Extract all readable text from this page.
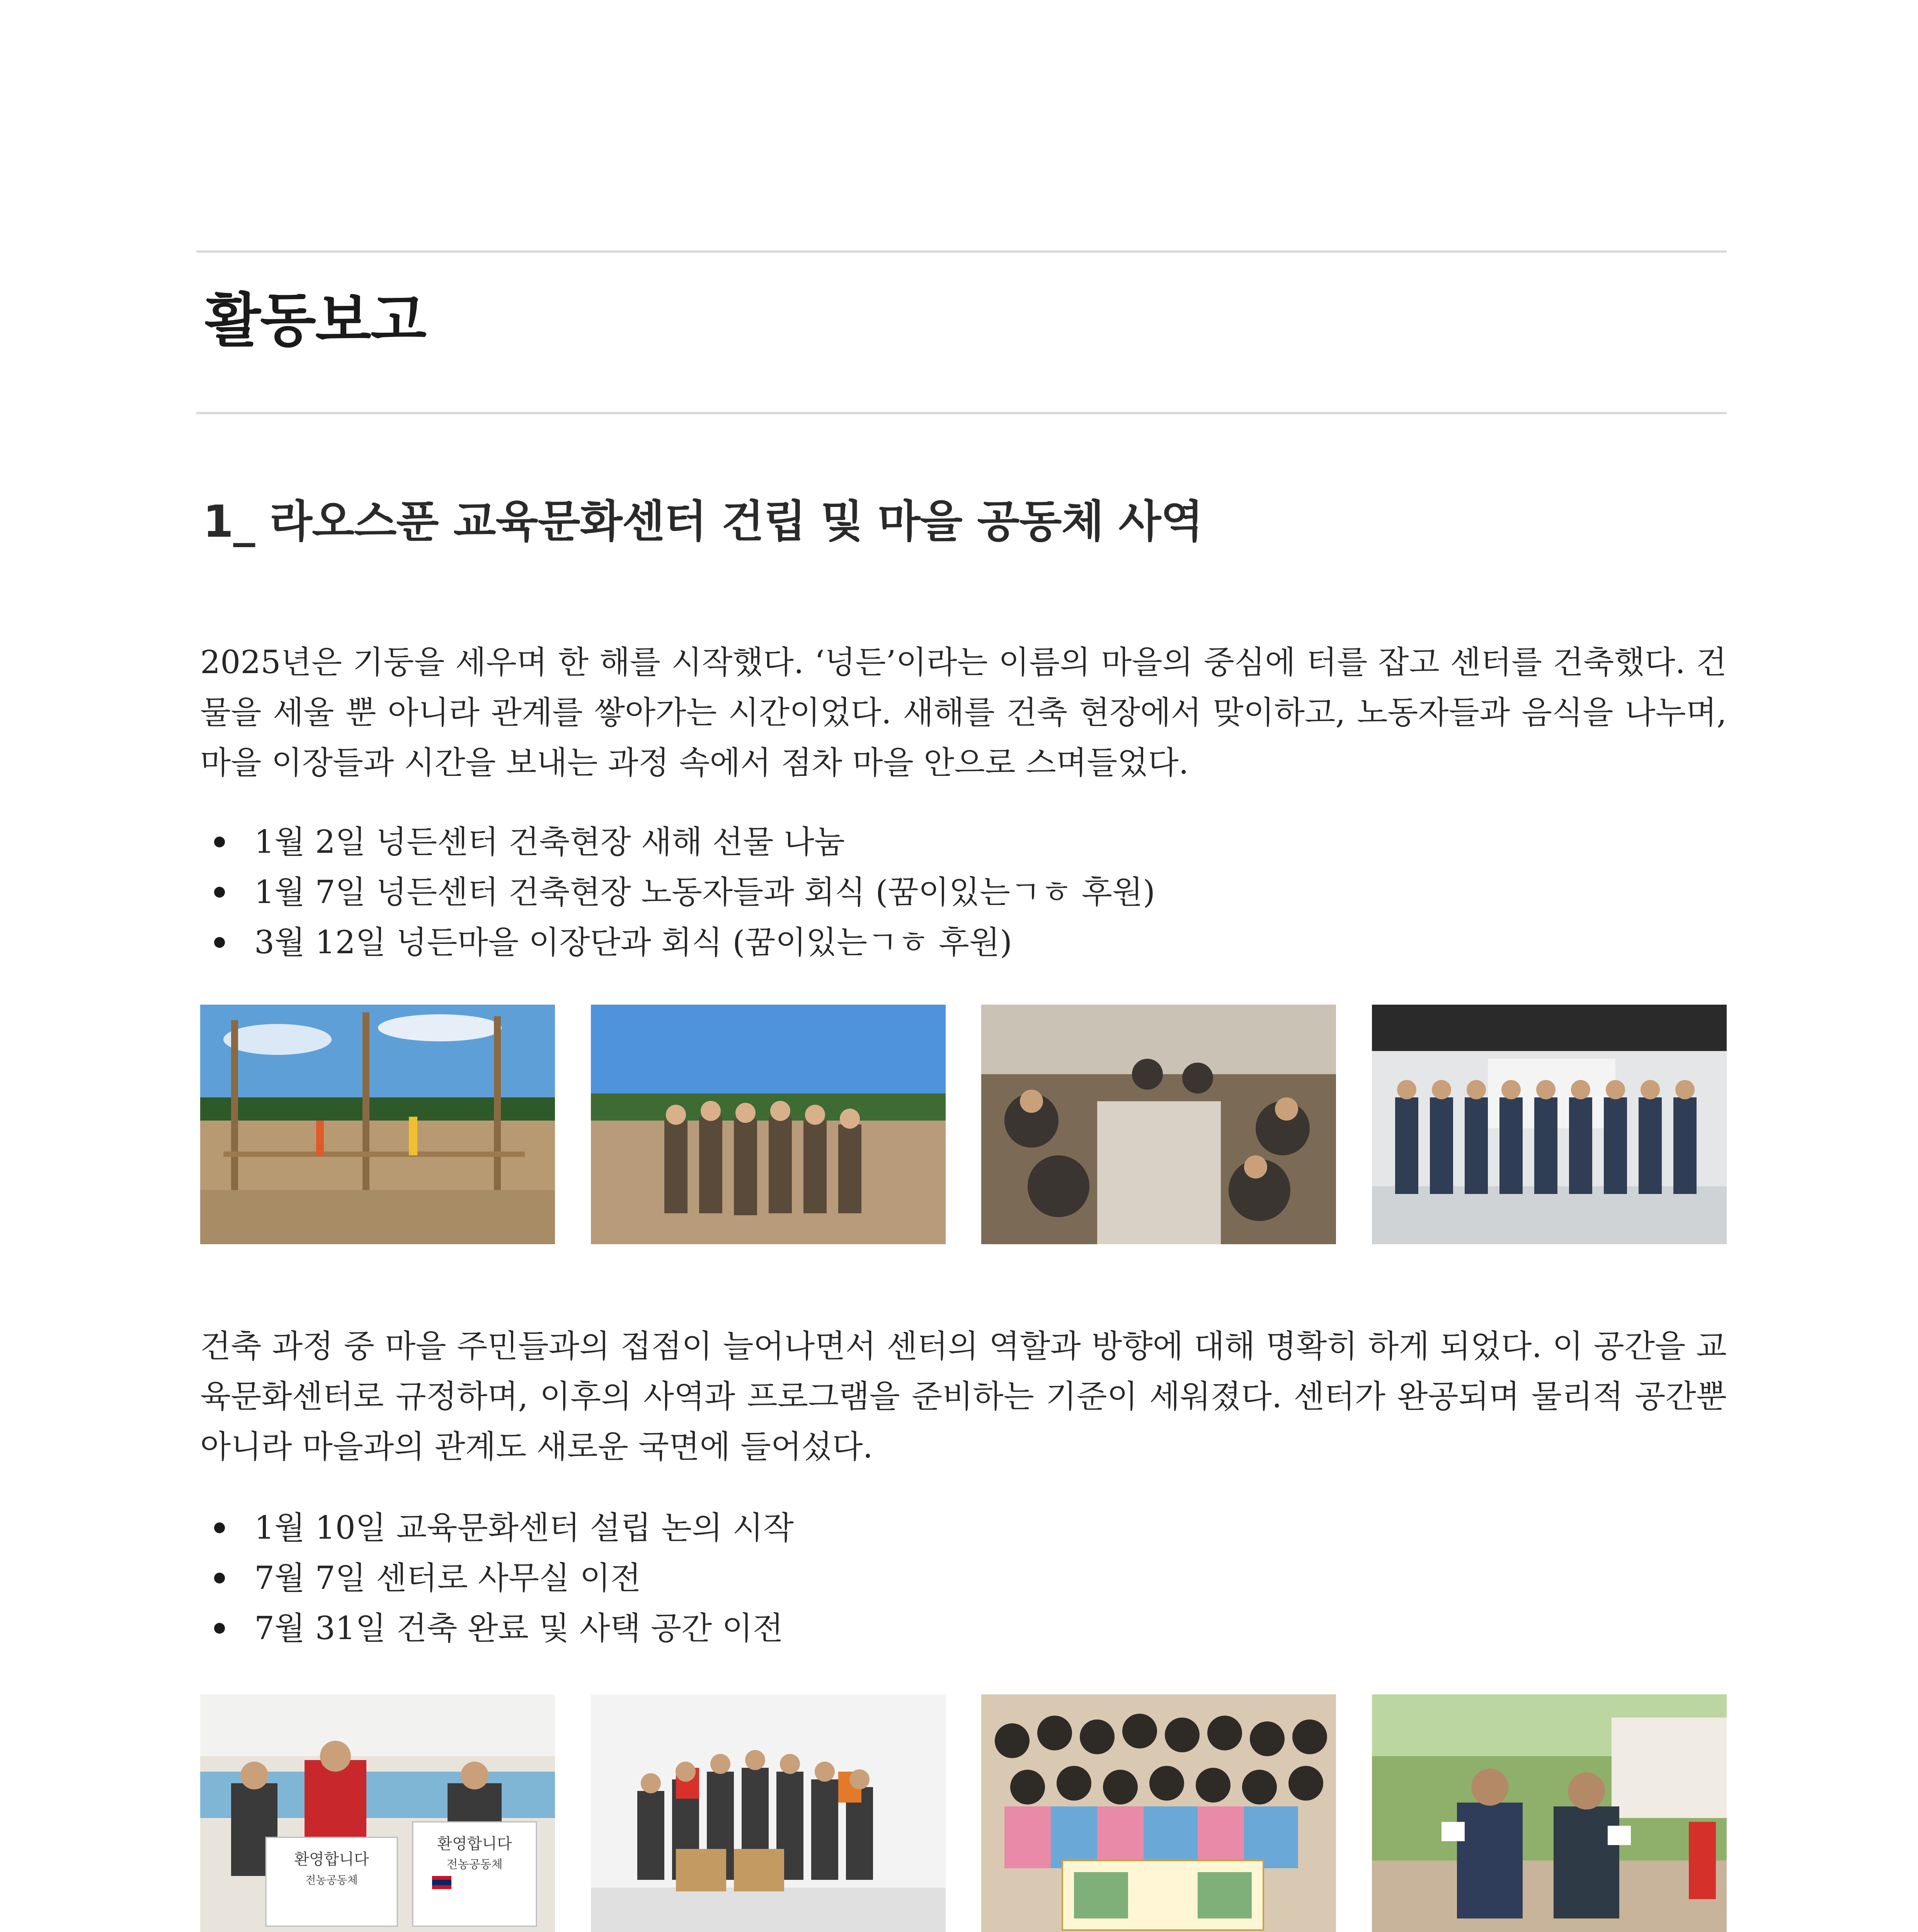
활동보고
1_ 라오스푼 교육문화센터 건립 및 마을 공동체 사역

2025년은 기둥을 세우며 한 해를 시작했다. ‘넝든’이라는 이름의 마을의 중심에 터를 잡고 센터를 건축했다. 건물을 세울 뿐 아니라 관계를 쌓아가는 시간이었다. 새해를 건축 현장에서 맞이하고, 노동자들과 음식을 나누며, 마을 이장들과 시간을 보내는 과정 속에서 점차 마을 안으로 스며들었다.

1월 2일 넝든센터 건축현장 새해 선물 나눔
1월 7일 넝든센터 건축현장 노동자들과 회식 (꿈이있는ㄱㅎ 후원)
3월 12일 넝든마을 이장단과 회식 (꿈이있는ㄱㅎ 후원)

건축 과정 중 마을 주민들과의 접점이 늘어나면서 센터의 역할과 방향에 대해 명확히 하게 되었다. 이 공간을 교육문화센터로 규정하며, 이후의 사역과 프로그램을 준비하는 기준이 세워졌다. 센터가 완공되며 물리적 공간뿐 아니라 마을과의 관계도 새로운 국면에 들어섰다.

1월 10일 교육문화센터 설립 논의 시작
7월 7일 센터로 사무실 이전
7월 31일 건축 완료 및 사택 공간 이전
환영합니다
전농공동체
환영합니다
전농공동체
